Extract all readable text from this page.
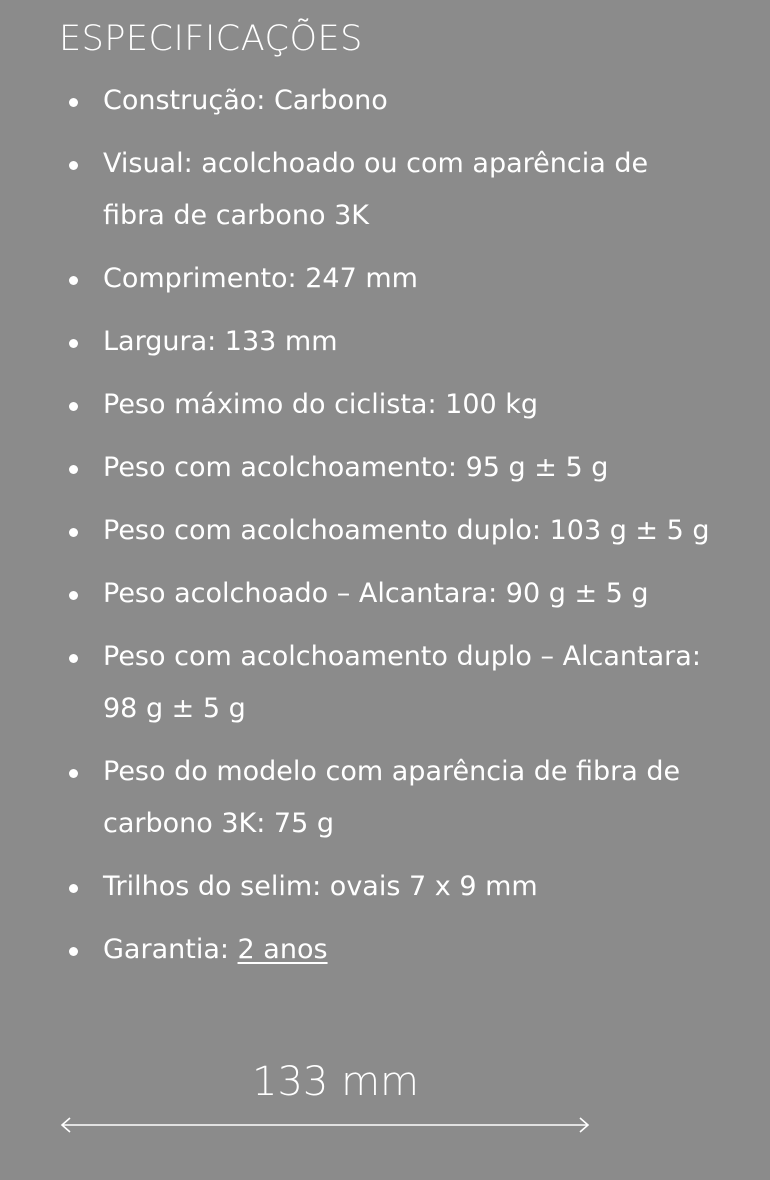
ESPECIFICAÇÕES
Construção: Carbono
Visual: acolchoado ou com aparência de fibra de carbono 3K
Comprimento: 247 mm
Largura: 133 mm
Peso máximo do ciclista: 100 kg
Peso com acolchoamento: 95 g ± 5 g
Peso com acolchoamento duplo: 103 g ± 5 g
Peso acolchoado – Alcantara: 90 g ± 5 g
Peso com acolchoamento duplo – Alcantara: 98 g ± 5 g
Peso do modelo com aparência de fibra de carbono 3K: 75 g
Trilhos do selim: ovais 7 x 9 mm
Garantia: 2 anos
133 mm
